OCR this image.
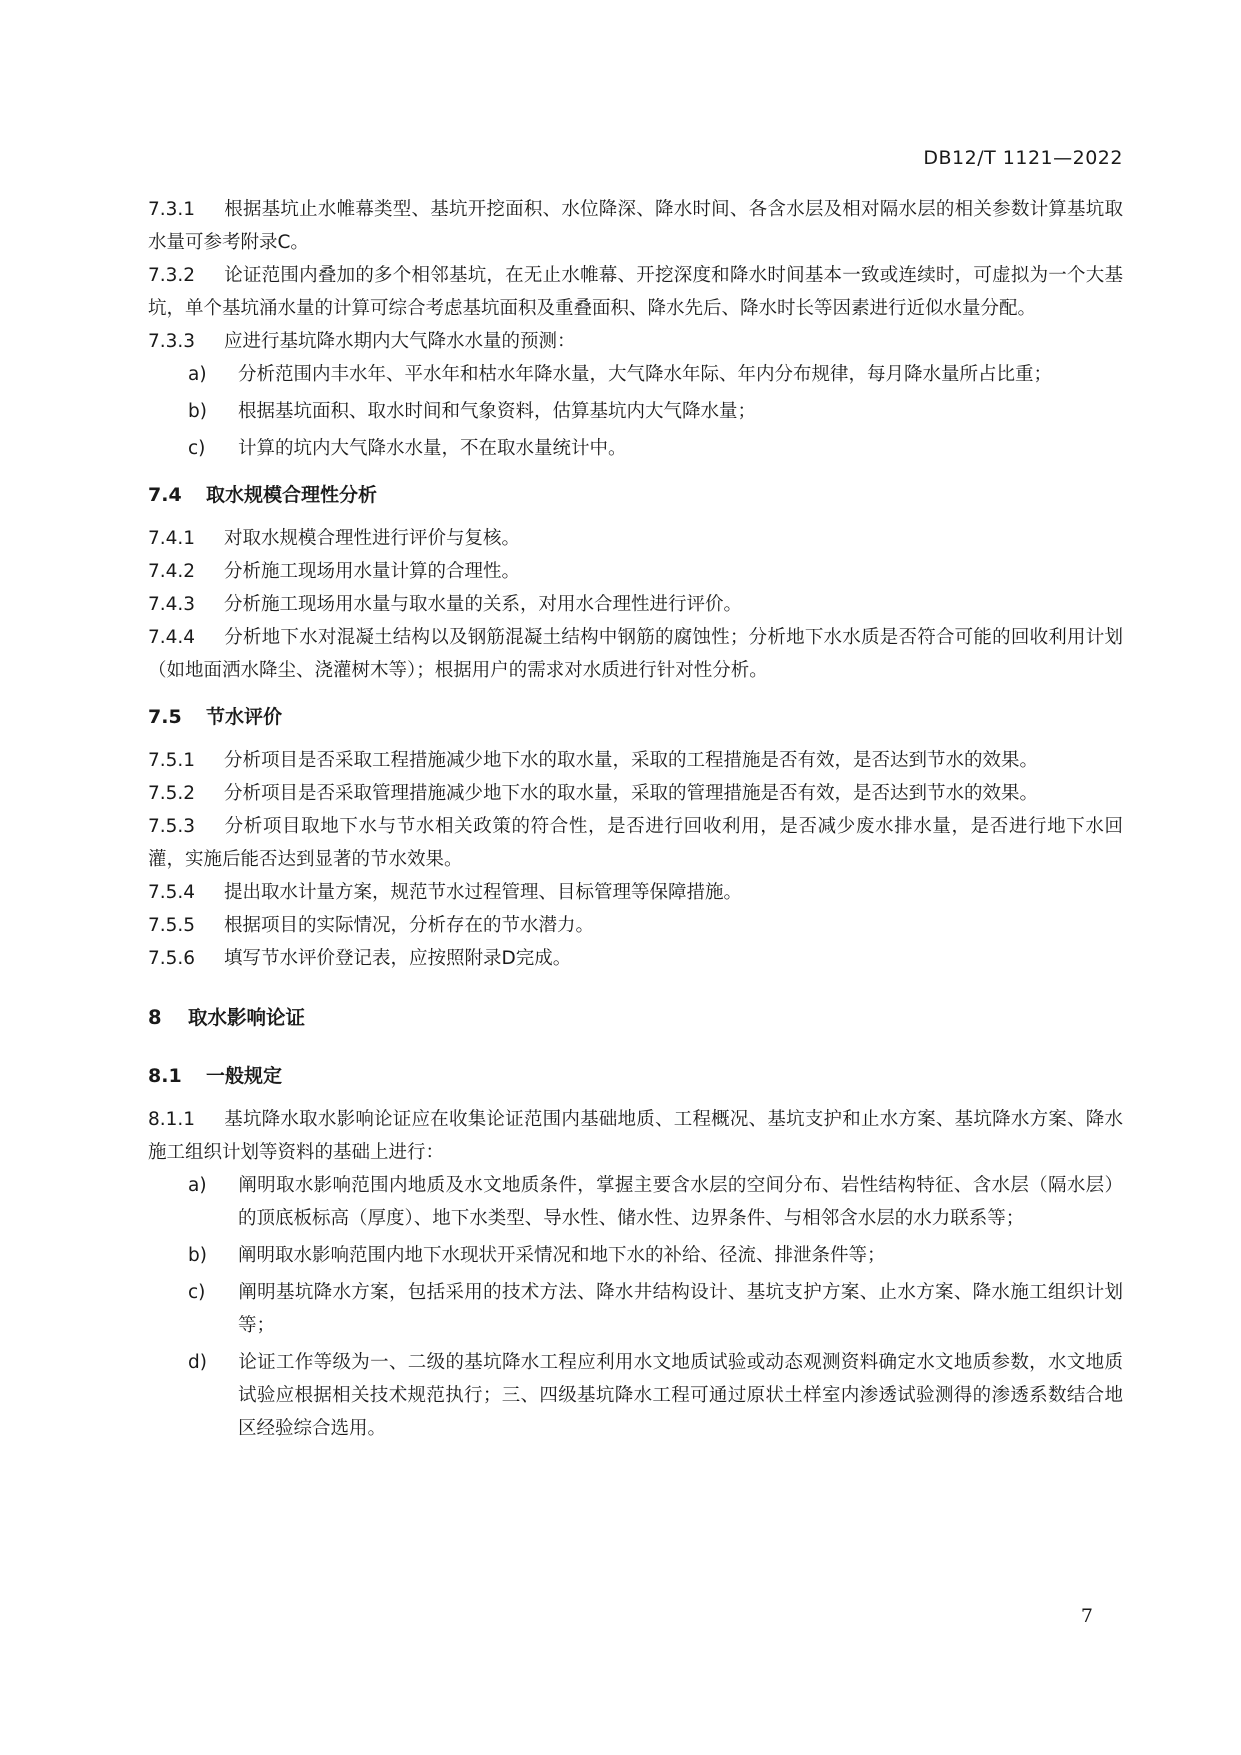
DB12/T 1121—2022

7.3.1 根据基坑止水帷幕类型、基坑开挖面积、水位降深、降水时间、各含水层及相对隔水层的相关参数计算基坑取水量可参考附录C。

7.3.2 论证范围内叠加的多个相邻基坑，在无止水帷幕、开挖深度和降水时间基本一致或连续时，可虚拟为一个大基坑，单个基坑涌水量的计算可综合考虑基坑面积及重叠面积、降水先后、降水时长等因素进行近似水量分配。

7.3.3 应进行基坑降水期内大气降水水量的预测：

a) 分析范围内丰水年、平水年和枯水年降水量，大气降水年际、年内分布规律，每月降水量所占比重；

b) 根据基坑面积、取水时间和气象资料，估算基坑内大气降水量；

c) 计算的坑内大气降水水量，不在取水量统计中。

7.4 取水规模合理性分析

7.4.1 对取水规模合理性进行评价与复核。

7.4.2 分析施工现场用水量计算的合理性。

7.4.3 分析施工现场用水量与取水量的关系，对用水合理性进行评价。

7.4.4 分析地下水对混凝土结构以及钢筋混凝土结构中钢筋的腐蚀性；分析地下水水质是否符合可能的回收利用计划（如地面洒水降尘、浇灌树木等）；根据用户的需求对水质进行针对性分析。

7.5 节水评价

7.5.1 分析项目是否采取工程措施减少地下水的取水量，采取的工程措施是否有效，是否达到节水的效果。

7.5.2 分析项目是否采取管理措施减少地下水的取水量，采取的管理措施是否有效，是否达到节水的效果。

7.5.3 分析项目取地下水与节水相关政策的符合性，是否进行回收利用，是否减少废水排水量，是否进行地下水回灌，实施后能否达到显著的节水效果。

7.5.4 提出取水计量方案，规范节水过程管理、目标管理等保障措施。

7.5.5 根据项目的实际情况，分析存在的节水潜力。

7.5.6 填写节水评价登记表，应按照附录D完成。

8 取水影响论证

8.1 一般规定

8.1.1 基坑降水取水影响论证应在收集论证范围内基础地质、工程概况、基坑支护和止水方案、基坑降水方案、降水施工组织计划等资料的基础上进行：

a) 阐明取水影响范围内地质及水文地质条件，掌握主要含水层的空间分布、岩性结构特征、含水层（隔水层）的顶底板标高（厚度）、地下水类型、导水性、储水性、边界条件、与相邻含水层的水力联系等；

b) 阐明取水影响范围内地下水现状开采情况和地下水的补给、径流、排泄条件等；

c) 阐明基坑降水方案，包括采用的技术方法、降水井结构设计、基坑支护方案、止水方案、降水施工组织计划等；

d) 论证工作等级为一、二级的基坑降水工程应利用水文地质试验或动态观测资料确定水文地质参数，水文地质试验应根据相关技术规范执行；三、四级基坑降水工程可通过原状土样室内渗透试验测得的渗透系数结合地区经验综合选用。

7
